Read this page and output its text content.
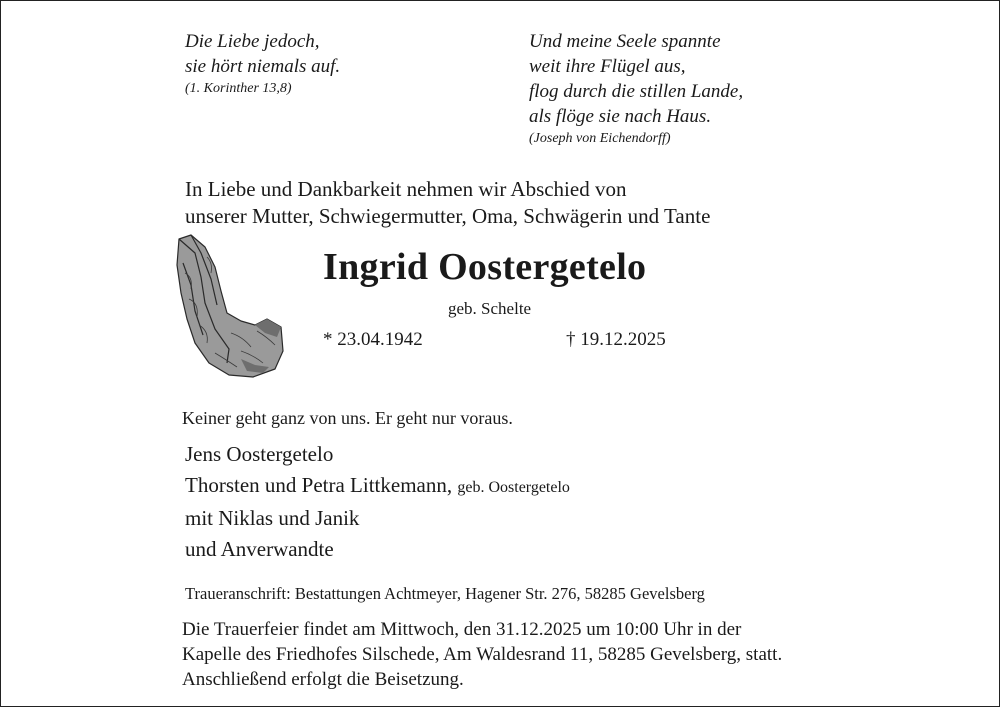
Die Liebe jedoch,
sie hört niemals auf.
(1. Korinther 13,8)
Und meine Seele spannte
weit ihre Flügel aus,
flog durch die stillen Lande,
als flöge sie nach Haus.
(Joseph von Eichendorff)
In Liebe und Dankbarkeit nehmen wir Abschied von
unserer Mutter, Schwiegermutter, Oma, Schwägerin und Tante
Ingrid Oostergetelo
geb. Schelte
* 23.04.1942	† 19.12.2025
Keiner geht ganz von uns. Er geht nur voraus.
Jens Oostergetelo
Thorsten und Petra Littkemann, geb. Oostergetelo
mit Niklas und Janik
und Anverwandte
Traueranschrift: Bestattungen Achtmeyer, Hagener Str. 276, 58285 Gevelsberg
Die Trauerfeier findet am Mittwoch, den 31.12.2025 um 10:00 Uhr in der
Kapelle des Friedhofes Silschede, Am Waldesrand 11, 58285 Gevelsberg, statt.
Anschließend erfolgt die Beisetzung.
